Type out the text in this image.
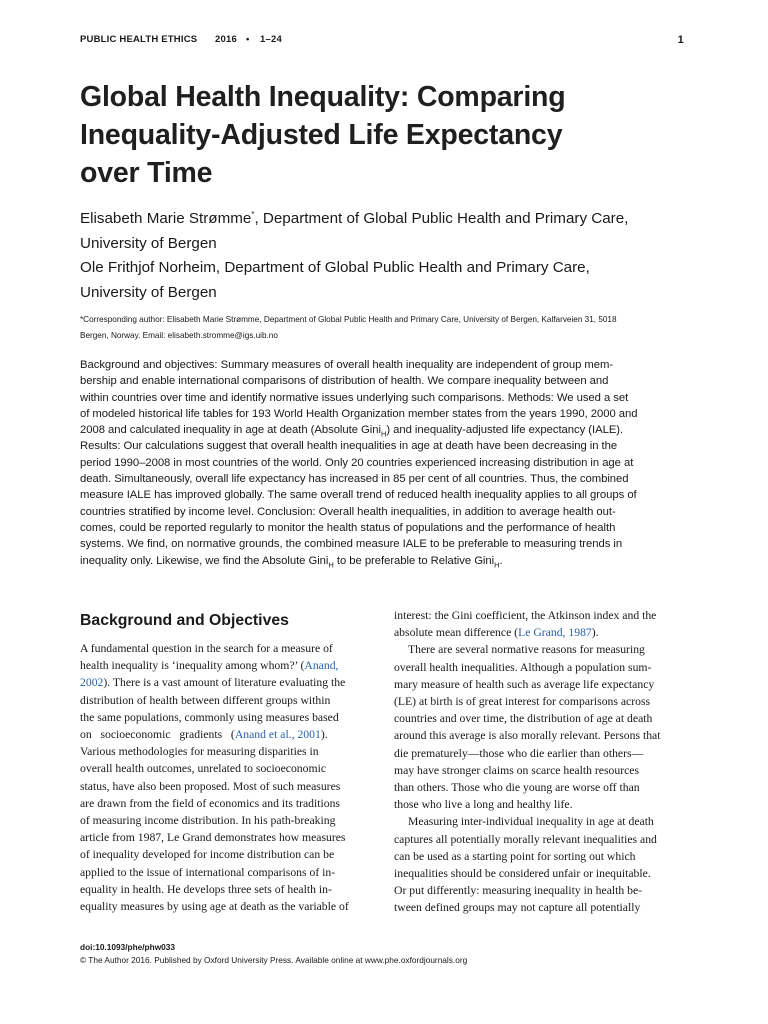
PUBLIC HEALTH ETHICS 2016 • 1–24	1
Global Health Inequality: Comparing
Inequality-Adjusted Life Expectancy
over Time
Elisabeth Marie Strømme*, Department of Global Public Health and Primary Care,
University of Bergen
Ole Frithjof Norheim, Department of Global Public Health and Primary Care,
University of Bergen
*Corresponding author: Elisabeth Marie Strømme, Department of Global Public Health and Primary Care, University of Bergen, Kalfarveien 31, 5018
Bergen, Norway. Email: elisabeth.stromme@igs.uib.no
Background and objectives: Summary measures of overall health inequality are independent of group mem-
bership and enable international comparisons of distribution of health. We compare inequality between and
within countries over time and identify normative issues underlying such comparisons. Methods: We used a set
of modeled historical life tables for 193 World Health Organization member states from the years 1990, 2000 and
2008 and calculated inequality in age at death (Absolute Gini$_H$) and inequality-adjusted life expectancy (IALE).
Results: Our calculations suggest that overall health inequalities in age at death have been decreasing in the
period 1990–2008 in most countries of the world. Only 20 countries experienced increasing distribution in age at
death. Simultaneously, overall life expectancy has increased in 85 per cent of all countries. Thus, the combined
measure IALE has improved globally. The same overall trend of reduced health inequality applies to all groups of
countries stratified by income level. Conclusion: Overall health inequalities, in addition to average health out-
comes, could be reported regularly to monitor the health status of populations and the performance of health
systems. We find, on normative grounds, the combined measure IALE to be preferable to measuring trends in
inequality only. Likewise, we find the Absolute Gini$_H$ to be preferable to Relative Gini$_H$.
Background and Objectives
A fundamental question in the search for a measure of
health inequality is ‘inequality among whom?’ (Anand,
2002). There is a vast amount of literature evaluating the
distribution of health between different groups within
the same populations, commonly using measures based
on   socioeconomic   gradients   (Anand et al., 2001).
Various methodologies for measuring disparities in
overall health outcomes, unrelated to socioeconomic
status, have also been proposed. Most of such measures
are drawn from the field of economics and its traditions
of measuring income distribution. In his path-breaking
article from 1987, Le Grand demonstrates how measures
of inequality developed for income distribution can be
applied to the issue of international comparisons of in-
equality in health. He develops three sets of health in-
equality measures by using age at death as the variable of
interest: the Gini coefficient, the Atkinson index and the
absolute mean difference (Le Grand, 1987).
There are several normative reasons for measuring
overall health inequalities. Although a population sum-
mary measure of health such as average life expectancy
(LE) at birth is of great interest for comparisons across
countries and over time, the distribution of age at death
around this average is also morally relevant. Persons that
die prematurely—those who die earlier than others—
may have stronger claims on scarce health resources
than others. Those who die young are worse off than
those who live a long and healthy life.
Measuring inter-individual inequality in age at death
captures all potentially morally relevant inequalities and
can be used as a starting point for sorting out which
inequalities should be considered unfair or inequitable.
Or put differently: measuring inequality in health be-
tween defined groups may not capture all potentially
doi:10.1093/phe/phw033
© The Author 2016. Published by Oxford University Press. Available online at www.phe.oxfordjournals.org
